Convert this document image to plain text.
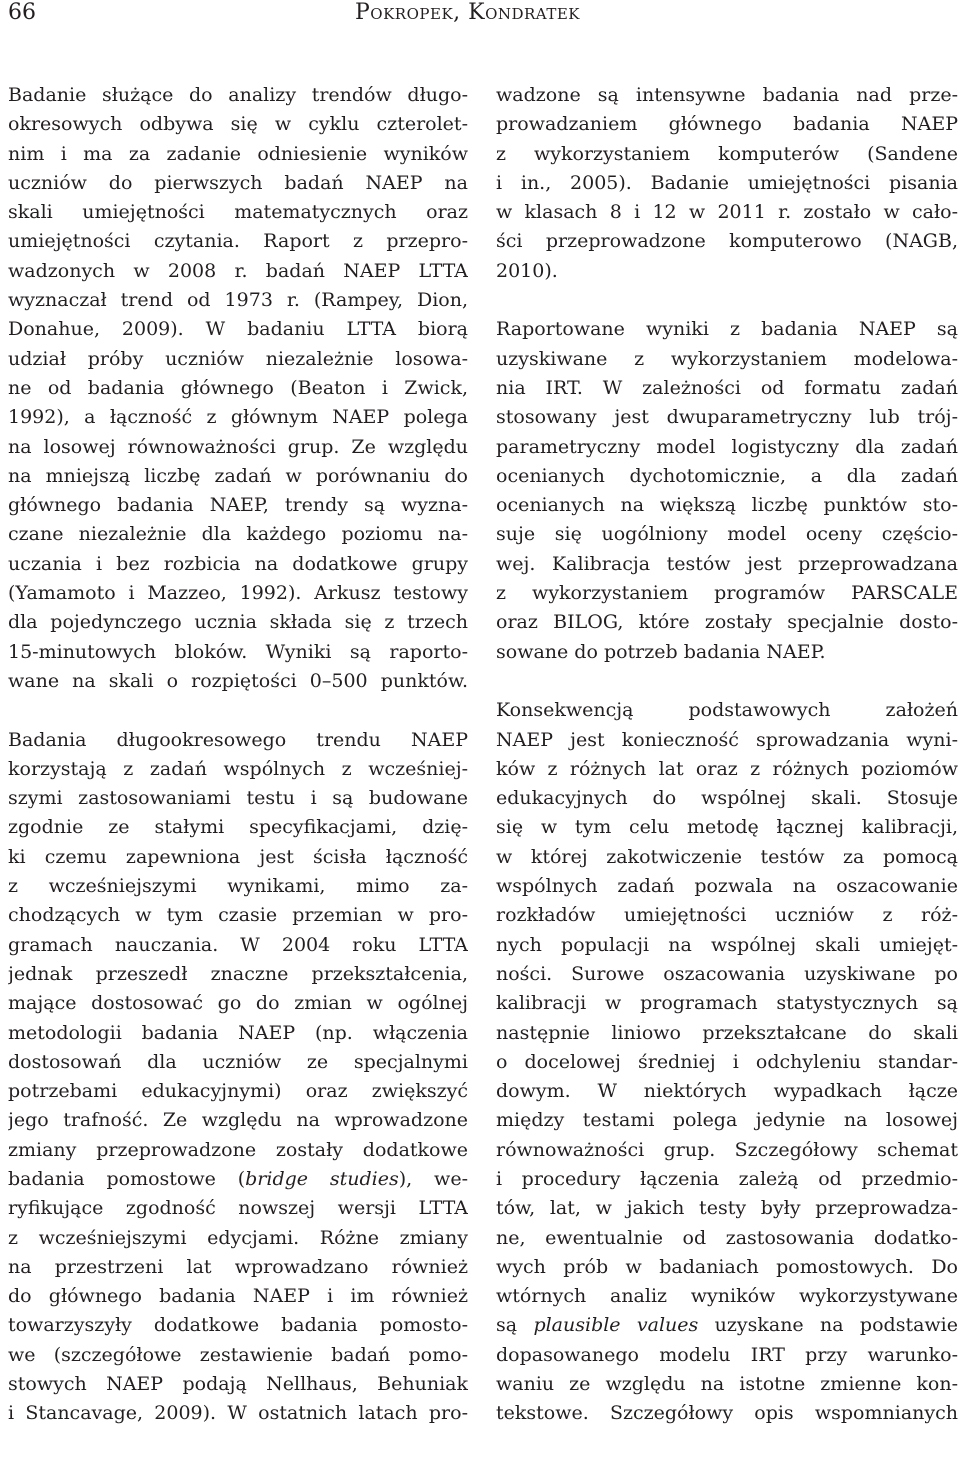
66	Pokropek, Kondratek
Badanie służące do analizy trendów długo-
okresowych odbywa się w cyklu czterolet-
nim i ma za zadanie odniesienie wyników
uczniów do pierwszych badań NAEP na
skali umiejętności matematycznych oraz
umiejętności czytania. Raport z przepro-
wadzonych w 2008 r. badań NAEP LTTA
wyznaczał trend od 1973 r. (Rampey, Dion,
Donahue, 2009). W badaniu LTTA biorą
udział próby uczniów niezależnie losowa-
ne od badania głównego (Beaton i Zwick,
1992), a łączność z głównym NAEP polega
na losowej równoważności grup. Ze względu
na mniejszą liczbę zadań w porównaniu do
głównego badania NAEP, trendy są wyzna-
czane niezależnie dla każdego poziomu na-
uczania i bez rozbicia na dodatkowe grupy
(Yamamoto i Mazzeo, 1992). Arkusz testowy
dla pojedynczego ucznia składa się z trzech
15-minutowych bloków. Wyniki są raporto-
wane na skali o rozpiętości 0–500 punktów.
Badania długookresowego trendu NAEP
korzystają z zadań wspólnych z wcześniej-
szymi zastosowaniami testu i są budowane
zgodnie ze stałymi specyfikacjami, dzię-
ki czemu zapewniona jest ścisła łączność
z wcześniejszymi wynikami, mimo za-
chodzących w tym czasie przemian w pro-
gramach nauczania. W 2004 roku LTTA
jednak przeszedł znaczne przekształcenia,
mające dostosować go do zmian w ogólnej
metodologii badania NAEP (np. włączenia
dostosowań dla uczniów ze specjalnymi
potrzebami edukacyjnymi) oraz zwiększyć
jego trafność. Ze względu na wprowadzone
zmiany przeprowadzone zostały dodatkowe
badania pomostowe (bridge studies), we-
ryfikujące zgodność nowszej wersji LTTA
z wcześniejszymi edycjami. Różne zmiany
na przestrzeni lat wprowadzano również
do głównego badania NAEP i im również
towarzyszyły dodatkowe badania pomosto-
we (szczegółowe zestawienie badań pomo-
stowych NAEP podają Nellhaus, Behuniak
i Stancavage, 2009). W ostatnich latach pro-
wadzone są intensywne badania nad prze-
prowadzaniem głównego badania NAEP
z wykorzystaniem komputerów (Sandene
i in., 2005). Badanie umiejętności pisania
w klasach 8 i 12 w 2011 r. zostało w cało-
ści przeprowadzone komputerowo (NAGB,
2010).
Raportowane wyniki z badania NAEP są
uzyskiwane z wykorzystaniem modelowa-
nia IRT. W zależności od formatu zadań
stosowany jest dwuparametryczny lub trój-
parametryczny model logistyczny dla zadań
ocenianych dychotomicznie, a dla zadań
ocenianych na większą liczbę punktów sto-
suje się uogólniony model oceny częścio-
wej. Kalibracja testów jest przeprowadzana
z wykorzystaniem programów PARSCALE
oraz BILOG, które zostały specjalnie dosto-
sowane do potrzeb badania NAEP.
Konsekwencją podstawowych założeń
NAEP jest konieczność sprowadzania wyni-
ków z różnych lat oraz z różnych poziomów
edukacyjnych do wspólnej skali. Stosuje
się w tym celu metodę łącznej kalibracji,
w której zakotwiczenie testów za pomocą
wspólnych zadań pozwala na oszacowanie
rozkładów umiejętności uczniów z róż-
nych populacji na wspólnej skali umiejęt-
ności. Surowe oszacowania uzyskiwane po
kalibracji w programach statystycznych są
następnie liniowo przekształcane do skali
o docelowej średniej i odchyleniu standar-
dowym. W niektórych wypadkach łącze
między testami polega jedynie na losowej
równoważności grup. Szczegółowy schemat
i procedury łączenia zależą od przedmio-
tów, lat, w jakich testy były przeprowadza-
ne, ewentualnie od zastosowania dodatko-
wych prób w badaniach pomostowych. Do
wtórnych analiz wyników wykorzystywane
są plausible values uzyskane na podstawie
dopasowanego modelu IRT przy warunko-
waniu ze względu na istotne zmienne kon-
tekstowe. Szczegółowy opis wspomnianych
